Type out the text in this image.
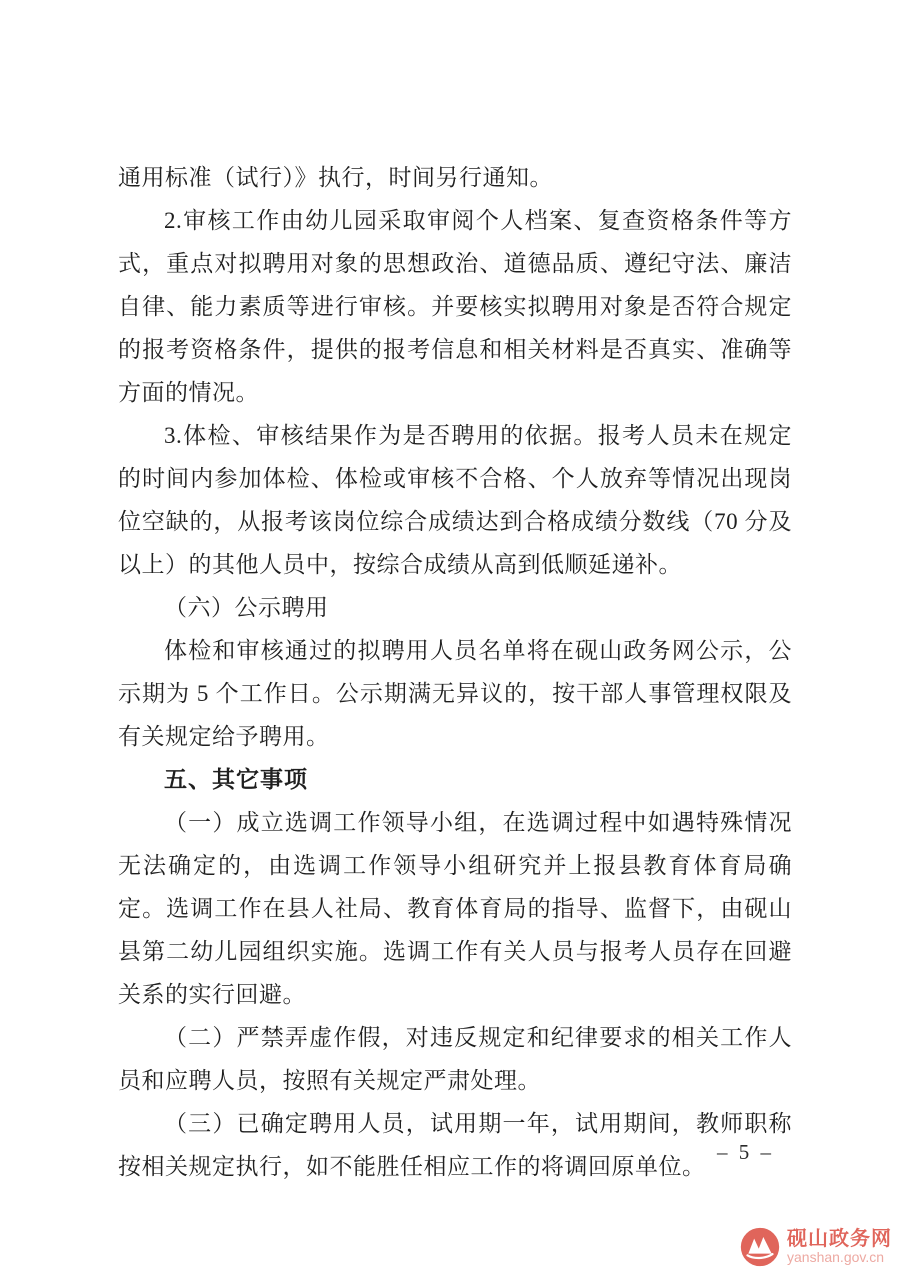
通用标准（试行）》执行，时间另行通知。

2.审核工作由幼儿园采取审阅个人档案、复查资格条件等方式，重点对拟聘用对象的思想政治、道德品质、遵纪守法、廉洁自律、能力素质等进行审核。并要核实拟聘用对象是否符合规定的报考资格条件，提供的报考信息和相关材料是否真实、准确等方面的情况。

3.体检、审核结果作为是否聘用的依据。报考人员未在规定的时间内参加体检、体检或审核不合格、个人放弃等情况出现岗位空缺的，从报考该岗位综合成绩达到合格成绩分数线（70 分及以上）的其他人员中，按综合成绩从高到低顺延递补。

（六）公示聘用

体检和审核通过的拟聘用人员名单将在砚山政务网公示，公示期为 5 个工作日。公示期满无异议的，按干部人事管理权限及有关规定给予聘用。

五、其它事项

（一）成立选调工作领导小组，在选调过程中如遇特殊情况无法确定的，由选调工作领导小组研究并上报县教育体育局确定。选调工作在县人社局、教育体育局的指导、监督下，由砚山县第二幼儿园组织实施。选调工作有关人员与报考人员存在回避关系的实行回避。

（二）严禁弄虚作假，对违反规定和纪律要求的相关工作人员和应聘人员，按照有关规定严肃处理。

（三）已确定聘用人员，试用期一年，试用期间，教师职称按相关规定执行，如不能胜任相应工作的将调回原单位。

– 5 –
砚山政务网
yanshan.gov.cn
